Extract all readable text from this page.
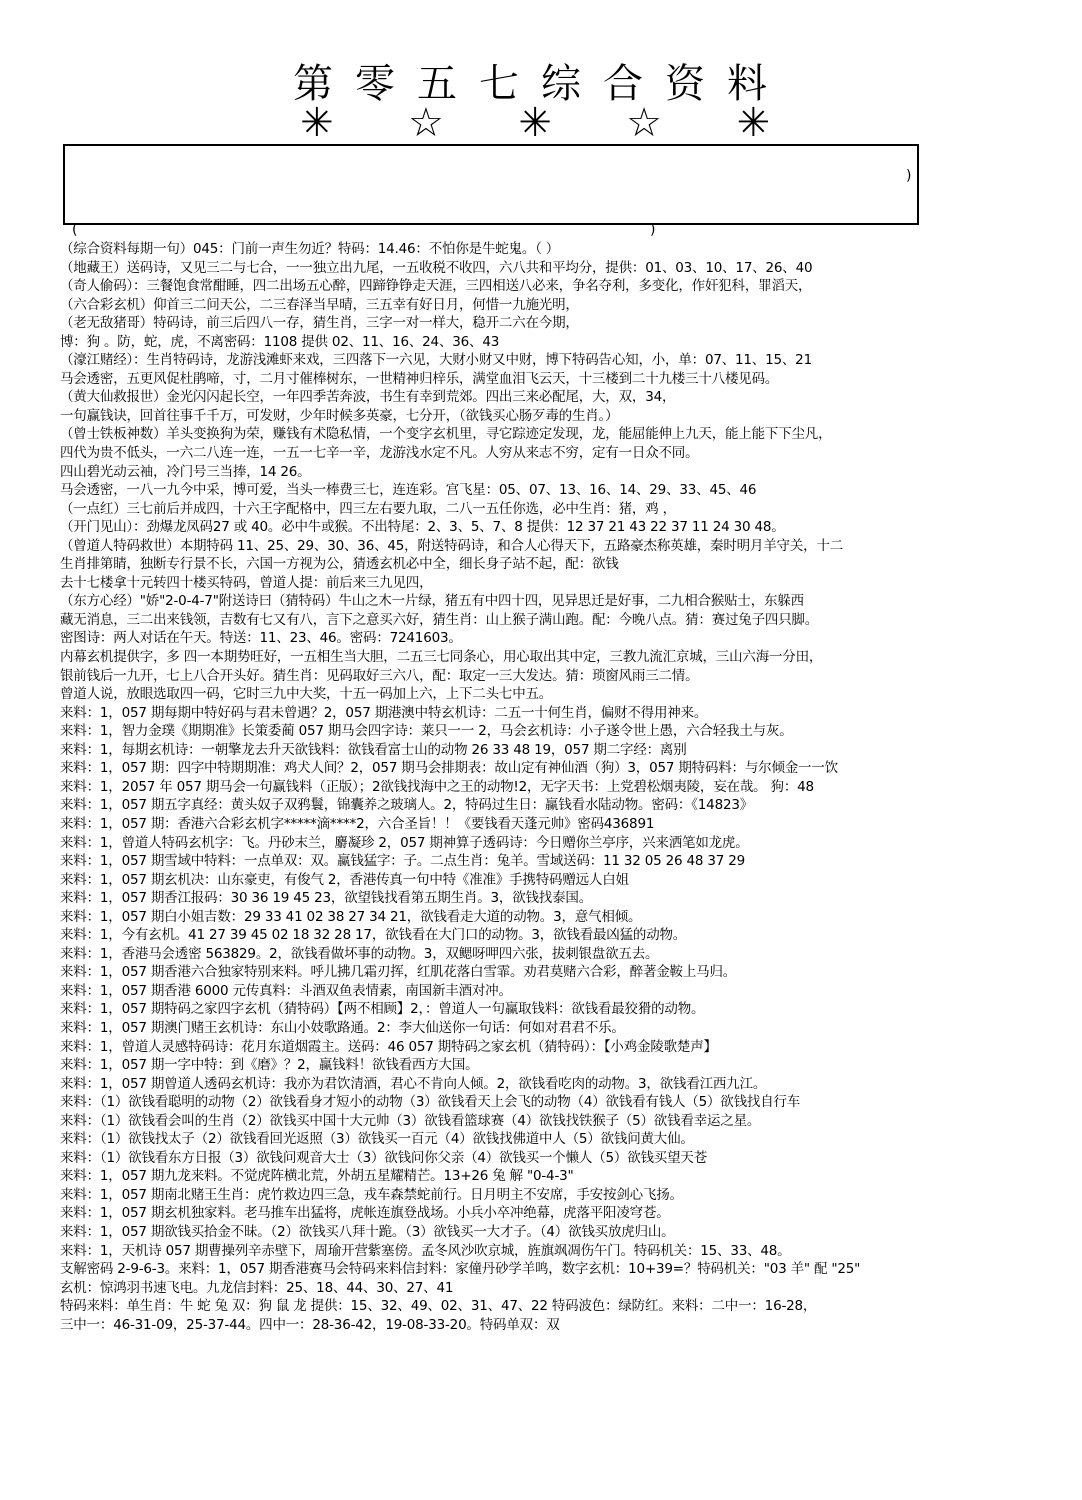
第零五七综合资料
✳ ☆ ✳ ☆ ✳
)
(	)
（综合资料每期一句）045：门前一声生勿近？特码：14.46：不怕你是牛蛇鬼。（ ）
（地藏王）送码诗，又见三二与七合，一一独立出九尾，一五收税不收四，六八共和平均分，提供：01、03、10、17、26、40
（奇人偷码）：三餐饱食常酣睡，四二出场五心醉，四蹄铮铮走天涯，三四相送八必来，争名夺利，多变化，作奸犯科，罪滔天，
（六合彩玄机）仰首三二问天公，二三春泽当早晴，三五幸有好日月，何惜一九施光明，
（老无敌猪哥）特码诗，前三后四八一存，猜生肖，三字一对一样大，稳开二六在今期，
博：狗 。防，蛇，虎，不离密码：1108 提供 02、11、16、24、36、43
（濠江赌经）：生肖特码诗，龙游浅滩虾来戏，三四落下一六见，大财小财又中财，博下特码告心知，小，单：07、11、15、21
马会透密，五更风促杜鹃啼，寸，二月寸催棒树东，一世精神归梓乐，满堂血泪飞云天，十三楼到二十九楼三十八楼见码。
（黄大仙救报世）金光闪闪起长空，一年四季苦奔波，书生有幸到荒郊。四出三来必配尾，大，双，34，
一句赢钱诀，回首往事千千万，可发财，少年时候多英豪，七分开，（欲钱买心肠歹毒的生肖。）
（曾士铁板神数）羊头变换狗为荣，赚钱有术隐私情，一个变字玄机里，寻它踪迹定发现，龙，能屈能伸上九天，能上能下下尘凡，
四代为贵不低头，一六二八连一连，一五一七辛一辛，龙游浅水定不凡。人穷从来志不穷，定有一日众不同。
四山碧光动云袖，冷门号三当捧，14 26。
马会透密，一八一九今中采，博可爱，当头一棒费三七，连连彩。宫飞星：05、07、13、16、14、29、33、45、46
（一点红）三七前后并成四，十六王字配格中，四三左右要九取，二八一五任你选，必中生肖：猪，鸡 ，
（开门见山）：劲爆龙凤码27 或 40。必中牛或猴。不出特尾：2、3、5、7、8 提供：12 37 21 43 22 37 11 24 30 48。
（曾道人特码救世）本期特码 11、25、29、30、36、45，附送特码诗，和合人心得天下，五路豪杰称英雄，秦时明月羊守关，十二
生肖排第睛，独断专行景不长，六国一方视为公，猜透玄机必中全，细长身子站不起，配：欲钱
去十七楼拿十元转四十楼买特码，曾道人提：前后来三九见四，
（东方心经）"娇"2-0-4-7"附送诗曰（猜特码）牛山之木一片绿，猪五有中四十四，见异思迁是好事，二九相合猴贴士，东躲西
藏无消息，三二出来钱领，吉数有七又有八，言下之意买六好，猜生肖：山上猴子满山跑。配：今晚八点。猜：赛过兔子四只脚。
密图诗：两人对话在午天。特送：11、23、46。密码：7241603。
内幕玄机提供字，多 四一本期势旺好，一五相生当大胆，二五三七同条心，用心取出其中定，三教九流汇京城，三山六海一分田，
银前钱后一九开，七上八合开头好。猜生肖：见码取好三六八，配：取定一三大发达。猜：琐窗风雨三二情。
曾道人说，放眼选取四一码，它时三九中大奖，十五一码加上六，上下二头七中五。
来料：1，057 期每期中特好码与君未曾遇？2，057 期港澳中特玄机诗：二五一十何生肖，偏财不得用神来。
来料：1，智力金璞《期期准》长策委蔺 057 期马会四字诗：莱只一一 2，马会玄机诗：小子遂令世上愚，六合轻我土与灰。
来料：1，每期玄机诗：一朝擎龙去升天欲钱料：欲钱看富士山的动物 26 33 48 19，057 期二字经：离别
来料：1，057 期：四字中特期期准：鸡犬人间？2，057 期马会排期表：故山定有神仙酒（狗）3，057 期特码料：与尔倾金一一饮
来料：1，2057 年 057 期马会一句赢钱料（正版）；2欲钱找海中之王的动物!2，无字天书：上党碧松烟夷陵，妄在哉。 狗：48
来料：1，057 期五字真经：黄头奴子双鸦鬟，锦囊养之玻璃人。2，特码过生日：赢钱看水陆动物。密码：《14823》
来料：1，057 期：香港六合彩玄机字*****滴****2，六合圣旨！！《要钱看天蓬元帅》密码436891
来料：1，曾道人特码玄机字：飞。丹砂末兰，麝凝珍 2，057 期神算子透码诗：今日赠你兰亭序，兴来洒笔如龙虎。
来料：1，057 期雪域中特料：一点单双：双。赢钱猛字：子。二点生肖：兔羊。雪域送码：11 32 05 26 48 37 29
来料：1，057 期玄机决：山东豪吏，有俊气 2，香港传真一句中特《准准》手携特码赠远人白姐
来料：1，057 期香江报码：30 36 19 45 23，欲望钱找看第五期生肖。3，欲钱找泰国。
来料：1，057 期白小姐吉数：29 33 41 02 38 27 34 21，欲钱看走大道的动物。3，意气相倾。
来料：1，今有玄机。41 27 39 45 02 18 32 28 17，欲钱看在大门口的动物。3，欲钱看最凶猛的动物。
来料：1，香港马会透密 563829。2，欲钱看做坏事的动物。3，双鳃呀呷四六张，拔刺银盘欲五去。
来料：1，057 期香港六合独家特别来料。呼儿拂几霜刃挥，红肌花落白雪霏。劝君莫赌六合彩，醉著金鞍上马归。
来料：1，057 期香港 6000 元传真料：斗酒双鱼表情素，南国新丰酒对冲。
来料：1，057 期特码之家四字玄机（猜特码）【两不相顾】2，：曾道人一句赢取钱料：欲钱看最狡猾的动物。
来料：1，057 期澳门赌王玄机诗：东山小妓歌路通。2：李大仙送你一句话：何如对君君不乐。
来料：1，曾道人灵感特码诗：花月东道烟霞主。送码：46 057 期特码之家玄机（猜特码）：【小鸡金陵歌楚声】
来料：1，057 期一字中特：到《磨》？2，赢钱料！欲钱看西方大国。
来料：1，057 期曾道人透码玄机诗：我亦为君饮清酒，君心不肯向人倾。2，欲钱看吃肉的动物。3，欲钱看江西九江。
来料：（1）欲钱看聪明的动物（2）欲钱看身才短小的动物（3）欲钱看天上会飞的动物（4）欲钱看有钱人（5）欲钱找自行车
来料：（1）欲钱看会叫的生肖（2）欲钱买中国十大元帅（3）欲钱看篮球赛（4）欲钱找铁猴子（5）欲钱看幸运之星。
来料：（1）欲钱找太子（2）欲钱看回光返照（3）欲钱买一百元（4）欲钱找佛道中人（5）欲钱问黄大仙。
来料：（1）欲钱看东方日报（3）欲钱问观音大士（3）欲钱问你父亲（4）欲钱买一个懒人（5）欲钱买望天苍
来料：1，057 期九龙来料。不觉虎阵横北荒，外胡五星耀精芒。13+26 兔 解 "0-4-3"
来料：1，057 期南北赌王生肖：虎竹救边四三急，戎车森禁蛇前行。日月明主不安席，手安按剑心飞扬。
来料：1，057 期玄机独家料。老马推车出猛将，虎帐连旗登战场。小兵小卒冲绝幕，虎落平阳凌穹苍。
来料：1，057 期欲钱买拾金不昧。（2）欲钱买八拜十跪。（3）欲钱买一大才子。（4）欲钱买放虎归山。
来料：1，天机诗 057 期曹操列辛赤壁下，周瑜开营紫塞傍。孟冬风沙吹京城，旌旗飒凋伤午门。特码机关：15、33、48。
支解密码 2-9-6-3。来料：1，057 期香港赛马会特码来料信封料：家僮丹砂学羊鸣，数字玄机：10+39=？特码机关："03 羊" 配 "25"
玄机：惊鸿羽书速飞电。九龙信封料：25、18、44、30、27、41
特码来料：单生肖：牛 蛇 兔 双：狗 鼠 龙 提供：15、32、49、02、31、47、22 特码波色：绿防红。来料：二中一：16-28，
三中一：46-31-09，25-37-44。四中一：28-36-42，19-08-33-20。特码单双：双
